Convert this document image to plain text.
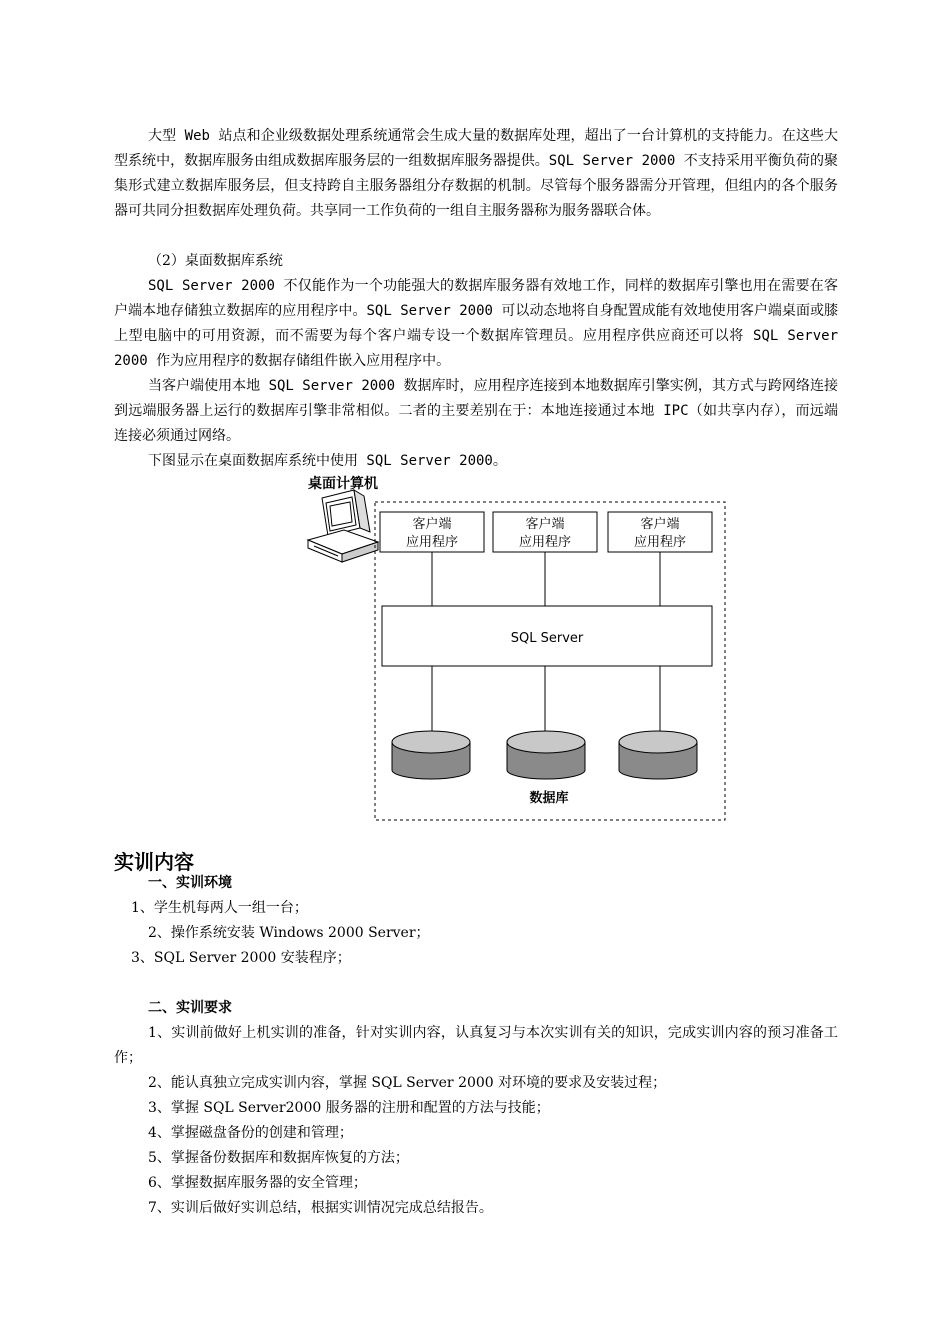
大型 Web 站点和企业级数据处理系统通常会生成大量的数据库处理，超出了一台计算机的支持能力。在这些大型系统中，数据库服务由组成数据库服务层的一组数据库服务器提供。SQL Server 2000 不支持采用平衡负荷的聚集形式建立数据库服务层，但支持跨自主服务器组分存数据的机制。尽管每个服务器需分开管理，但组内的各个服务器可共同分担数据库处理负荷。共享同一工作负荷的一组自主服务器称为服务器联合体。

（2）桌面数据库系统

SQL Server 2000 不仅能作为一个功能强大的数据库服务器有效地工作，同样的数据库引擎也用在需要在客户端本地存储独立数据库的应用程序中。SQL Server 2000 可以动态地将自身配置成能有效地使用客户端桌面或膝上型电脑中的可用资源，而不需要为每个客户端专设一个数据库管理员。应用程序供应商还可以将 SQL Server 2000 作为应用程序的数据存储组件嵌入应用程序中。

当客户端使用本地 SQL Server 2000 数据库时，应用程序连接到本地数据库引擎实例，其方式与跨网络连接到远端服务器上运行的数据库引擎非常相似。二者的主要差别在于：本地连接通过本地 IPC（如共享内存），而远端连接必须通过网络。

下图显示在桌面数据库系统中使用 SQL Server 2000。

桌面计算机
客户端
应用程序
客户端
应用程序
客户端
应用程序
SQL Server
数据库
实训内容

一、实训环境

1、学生机每两人一组一台；

2、操作系统安装 Windows 2000 Server；

3、SQL Server 2000 安装程序；

二、实训要求

1、实训前做好上机实训的准备，针对实训内容，认真复习与本次实训有关的知识，完成实训内容的预习准备工作；

2、能认真独立完成实训内容，掌握 SQL Server 2000 对环境的要求及安装过程；

3、掌握 SQL Server2000 服务器的注册和配置的方法与技能；

4、掌握磁盘备份的创建和管理；

5、掌握备份数据库和数据库恢复的方法；

6、掌握数据库服务器的安全管理；

7、实训后做好实训总结，根据实训情况完成总结报告。
